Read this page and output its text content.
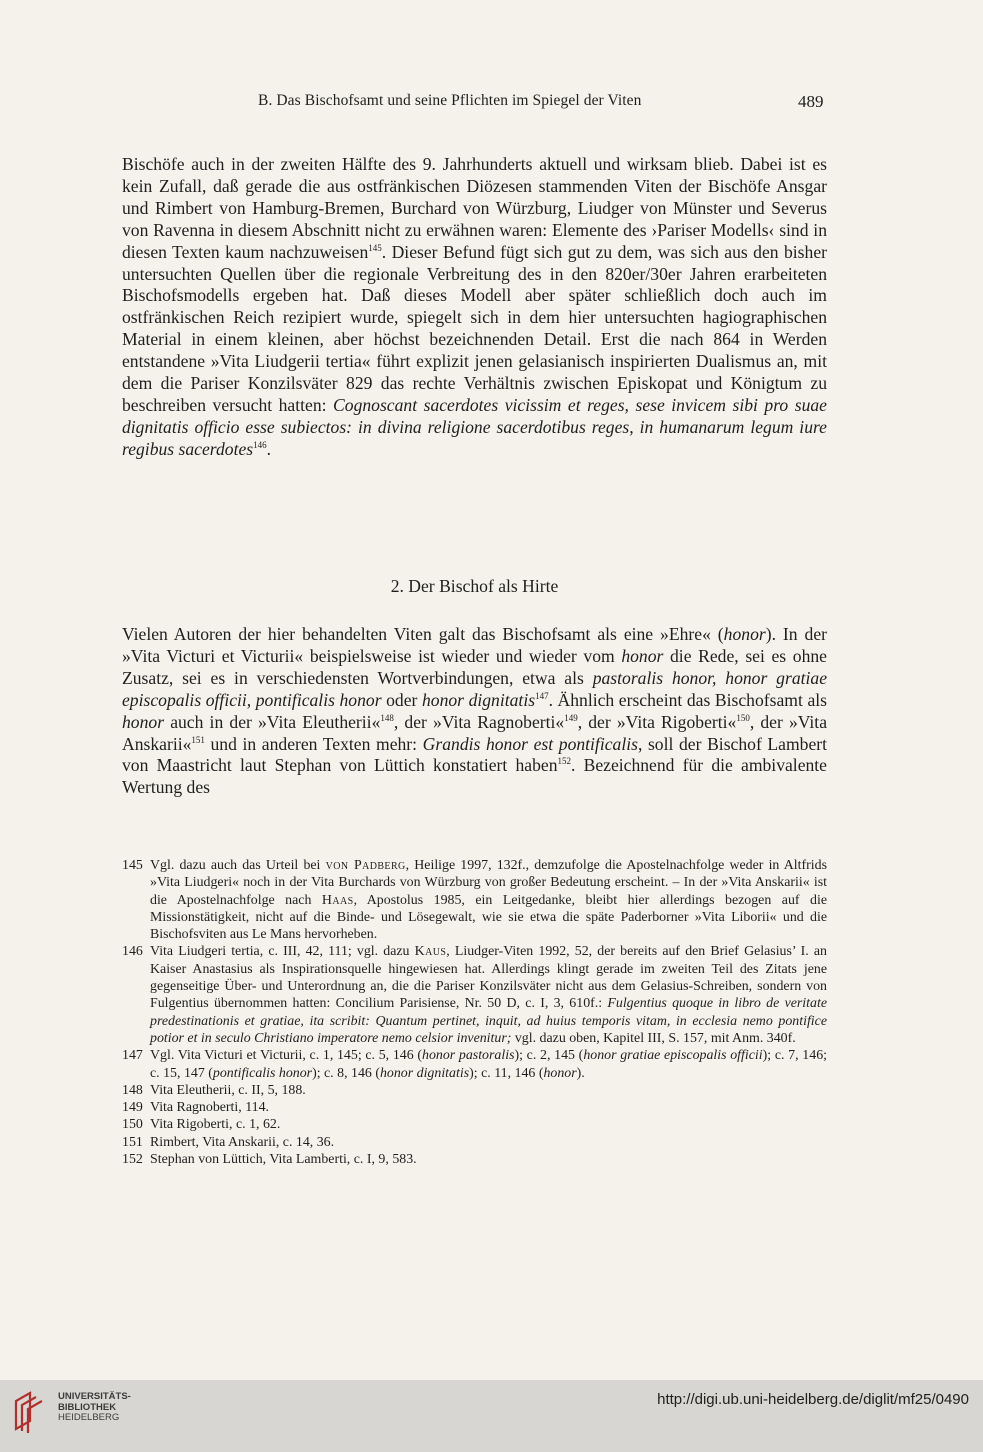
B. Das Bischofsamt und seine Pflichten im Spiegel der Viten	489

Bischöfe auch in der zweiten Hälfte des 9. Jahrhunderts aktuell und wirksam blieb. Dabei ist es kein Zufall, daß gerade die aus ostfränkischen Diözesen stammenden Viten der Bischöfe Ansgar und Rimbert von Hamburg-Bremen, Burchard von Würzburg, Liudger von Münster und Severus von Ravenna in diesem Abschnitt nicht zu erwähnen waren: Elemente des ›Pariser Modells‹ sind in diesen Texten kaum nachzuweisen$^{145}$. Dieser Befund fügt sich gut zu dem, was sich aus den bisher untersuchten Quellen über die regionale Verbreitung des in den 820er/30er Jahren erarbeiteten Bischofsmodells ergeben hat. Daß dieses Modell aber später schließlich doch auch im ostfränkischen Reich rezipiert wurde, spiegelt sich in dem hier untersuchten hagiographischen Material in einem kleinen, aber höchst bezeichnenden Detail. Erst die nach 864 in Werden entstandene »Vita Liudgerii tertia« führt explizit jenen gelasianisch inspirierten Dualismus an, mit dem die Pariser Konzilsväter 829 das rechte Verhältnis zwischen Episkopat und Königtum zu beschreiben versucht hatten: Cognoscant sacerdotes vicissim et reges, sese invicem sibi pro suae dignitatis officio esse subiectos: in divina religione sacerdotibus reges, in humanarum legum iure regibus sacerdotes$^{146}$.

2. Der Bischof als Hirte

Vielen Autoren der hier behandelten Viten galt das Bischofsamt als eine »Ehre« (honor). In der »Vita Victuri et Victurii« beispielsweise ist wieder und wieder vom honor die Rede, sei es ohne Zusatz, sei es in verschiedensten Wortverbindungen, etwa als pastoralis honor, honor gratiae episcopalis officii, pontificalis honor oder honor dignitatis$^{147}$. Ähnlich erscheint das Bischofsamt als honor auch in der »Vita Eleutherii«$^{148}$, der »Vita Ragnoberti«$^{149}$, der »Vita Rigoberti«$^{150}$, der »Vita Anskarii«$^{151}$ und in anderen Texten mehr: Grandis honor est pontificalis, soll der Bischof Lambert von Maastricht laut Stephan von Lüttich konstatiert haben$^{152}$. Bezeichnend für die ambivalente Wertung des

145 Vgl. dazu auch das Urteil bei von Padberg, Heilige 1997, 132f., demzufolge die Apostelnachfolge weder in Altfrids »Vita Liudgeri« noch in der Vita Burchards von Würzburg von großer Bedeutung erscheint. – In der »Vita Anskarii« ist die Apostelnachfolge nach Haas, Apostolus 1985, ein Leitgedanke, bleibt hier allerdings bezogen auf die Missionstätigkeit, nicht auf die Binde- und Lösegewalt, wie sie etwa die späte Paderborner »Vita Liborii« und die Bischofsviten aus Le Mans hervorheben.
146 Vita Liudgeri tertia, c. III, 42, 111; vgl. dazu Kaus, Liudger-Viten 1992, 52, der bereits auf den Brief Gelasius’ I. an Kaiser Anastasius als Inspirationsquelle hingewiesen hat. Allerdings klingt gerade im zweiten Teil des Zitats jene gegenseitige Über- und Unterordnung an, die die Pariser Konzilsväter nicht aus dem Gelasius-Schreiben, sondern von Fulgentius übernommen hatten: Concilium Parisiense, Nr. 50 D, c. I, 3, 610f.: Fulgentius quoque in libro de veritate predestinationis et gratiae, ita scribit: Quantum pertinet, inquit, ad huius temporis vitam, in ecclesia nemo pontifice potior et in seculo Christiano imperatore nemo celsior invenitur; vgl. dazu oben, Kapitel III, S. 157, mit Anm. 340f.
147 Vgl. Vita Victuri et Victurii, c. 1, 145; c. 5, 146 (honor pastoralis); c. 2, 145 (honor gratiae episcopalis officii); c. 7, 146; c. 15, 147 (pontificalis honor); c. 8, 146 (honor dignitatis); c. 11, 146 (honor).
148 Vita Eleutherii, c. II, 5, 188.
149 Vita Ragnoberti, 114.
150 Vita Rigoberti, c. 1, 62.
151 Rimbert, Vita Anskarii, c. 14, 36.
152 Stephan von Lüttich, Vita Lamberti, c. I, 9, 583.
UNIVERSITÄTS-
BIBLIOTHEK
HEIDELBERG
http://digi.ub.uni-heidelberg.de/diglit/mf25/0490
